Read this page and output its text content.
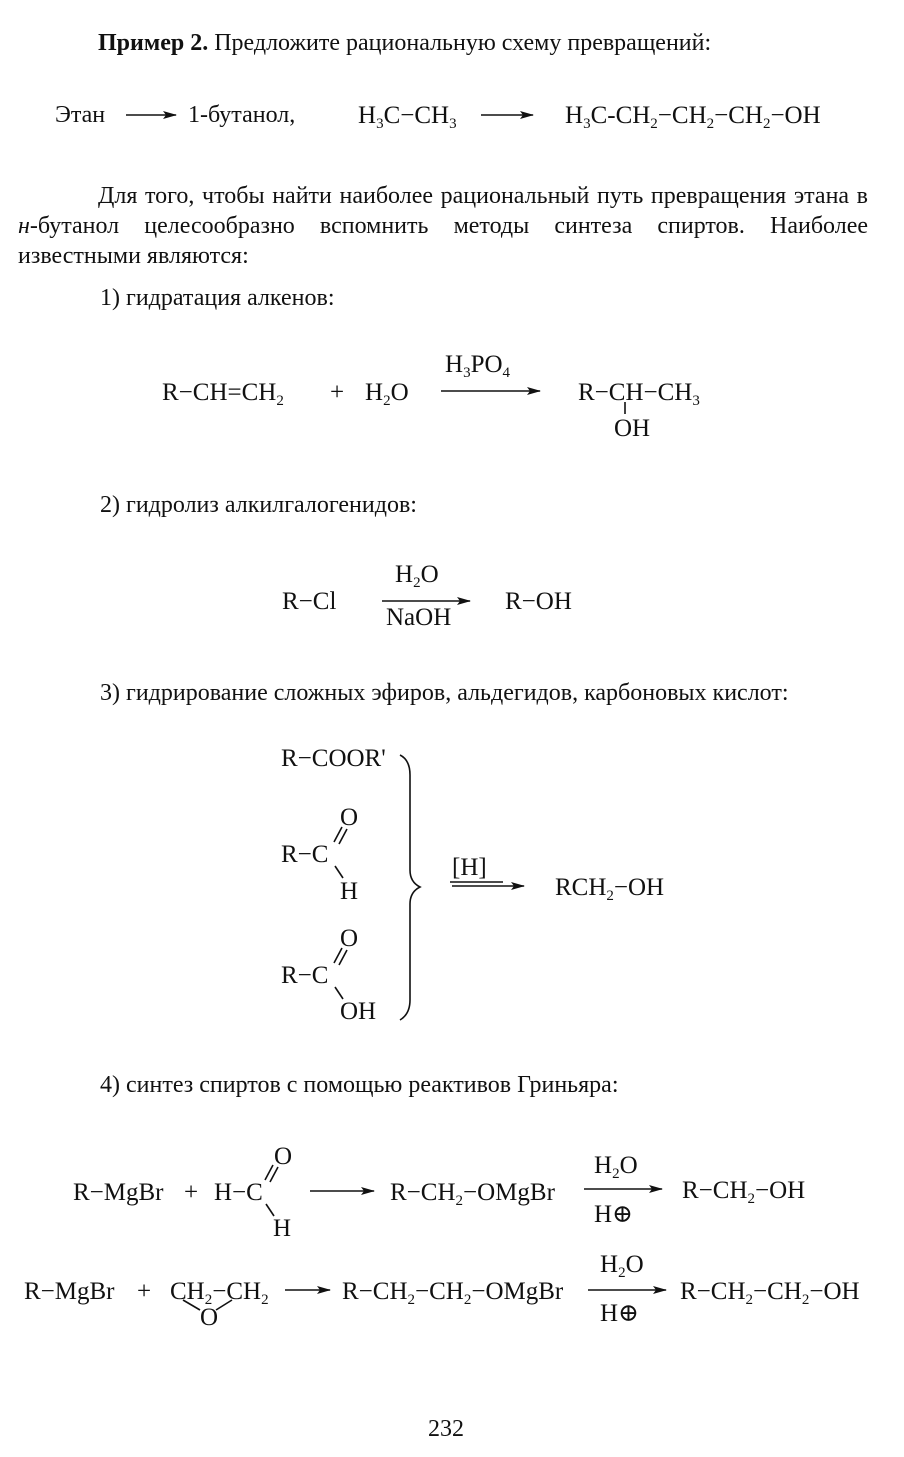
Пример 2. Предложите рациональную схему превращений:
Этан	1-бутанол,	$H_3C-CH_3$	$H_3C-CH_2-CH_2-CH_2-OH$
Для того, чтобы найти наиболее рациональный путь превращения этана в н-бутанол целесообразно вспомнить методы синтеза спиртов. Наиболее известными являются:
1) гидратация алкенов:
2) гидролиз алкилгалогенидов:
3) гидрирование сложных эфиров, альдегидов, карбоновых кислот:
4) синтез спиртов с помощью реактивов Гриньяра:
$R-CH=CH_2 + H_2O$
$H_3PO_4$
$R-CH-CH_3$
OH
R−Cl
$H_2O$
NaOH
R−OH
R−COOR'
O
R−C
H
O
R−C
OH
[H]
$RCH_2-OH$
O
R−MgBr + H−C
H
$R-CH_2-OMgBr$
$H_2O$
H⊕
$R-CH_2-OH$
R−MgBr + $CH_2-CH_2$
O
$R-CH_2-CH_2-OMgBr$
$H_2O$
H⊕
$R-CH_2-CH_2-OH$
232
